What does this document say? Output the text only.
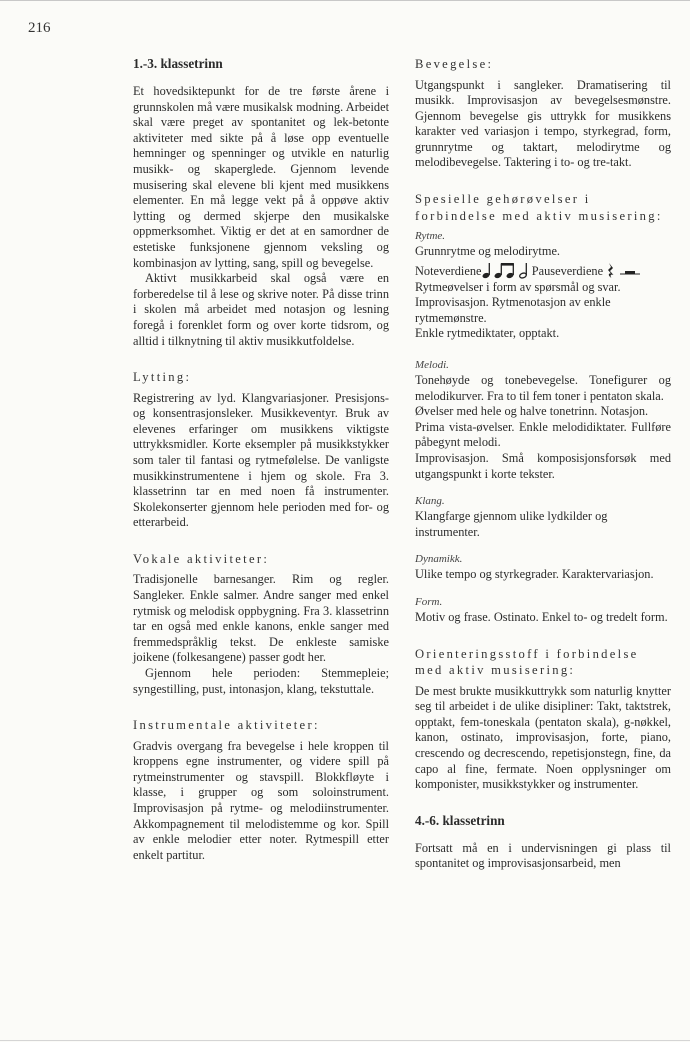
216

1.-3. klassetrinn

Et hovedsiktepunkt for de tre første årene i grunnskolen må være musikalsk modning. Arbeidet skal være preget av spontanitet og lek-betonte aktiviteter med sikte på å løse opp eventuelle hemninger og spenninger og utvikle en naturlig musikk- og skaperglede. Gjennom levende musisering skal elevene bli kjent med musikkens elementer. En må legge vekt på å oppøve aktiv lytting og dermed skjerpe den musikalske oppmerksomhet. Viktig er det at en samordner de estetiske funksjonene gjennom veksling og kombinasjon av lytting, sang, spill og bevegelse.

Aktivt musikkarbeid skal også være en forberedelse til å lese og skrive noter. På disse trinn i skolen må arbeidet med notasjon og lesning foregå i forenklet form og over korte tidsrom, og alltid i tilknytning til aktiv musikkutfoldelse.

Lytting:

Registrering av lyd. Klangvariasjoner. Presisjons- og konsentrasjonsleker. Musikkeventyr. Bruk av elevenes erfaringer om musikkens viktigste uttrykksmidler. Korte eksempler på musikkstykker som taler til fantasi og rytmefølelse. De vanligste musikkinstrumentene i hjem og skole. Fra 3. klassetrinn tar en med noen få instrumenter. Skolekonserter gjennom hele perioden med for- og etterarbeid.

Vokale aktiviteter:

Tradisjonelle barnesanger. Rim og regler. Sangleker. Enkle salmer. Andre sanger med enkel rytmisk og melodisk oppbygning. Fra 3. klassetrinn tar en også med enkle kanons, enkle sanger med fremmedspråklig tekst. De enkleste samiske joikene (folkesangene) passer godt her.

Gjennom hele perioden: Stemmepleie; syngestilling, pust, intonasjon, klang, tekstuttale.

Instrumentale aktiviteter:

Gradvis overgang fra bevegelse i hele kroppen til kroppens egne instrumenter, og videre spill på rytmeinstrumenter og stavspill. Blokkfløyte i klasse, i grupper og som soloinstrument. Improvisasjon på rytme- og melodiinstrumenter. Akkompagnement til melodistemme og kor. Spill av enkle melodier etter noter. Rytmespill etter enkelt partitur.

Bevegelse:

Utgangspunkt i sangleker. Dramatisering til musikk. Improvisasjon av bevegelsesmønstre. Gjennom bevegelse gis uttrykk for musikkens karakter ved variasjon i tempo, styrkegrad, form, grunnrytme og taktart, melodirytme og melodibevegelse. Taktering i to- og tre-takt.

Spesielle gehørøvelser i forbindelse med aktiv musisering:

Rytme.

Grunnrytme og melodirytme.

Noteverdiene	Pauseverdiene

Rytmeøvelser i form av spørsmål og svar. Improvisasjon. Rytmenotasjon av enkle rytmemønstre.

Enkle rytmediktater, opptakt.

Melodi.

Tonehøyde og tonebevegelse. Tonefigurer og melodikurver. Fra to til fem toner i pentaton skala.

Øvelser med hele og halve tonetrinn. Notasjon.

Prima vista-øvelser. Enkle melodidiktater. Fullføre påbegynt melodi.

Improvisasjon. Små komposisjonsforsøk med utgangspunkt i korte tekster.

Klang.

Klangfarge gjennom ulike lydkilder og instrumenter.

Dynamikk.

Ulike tempo og styrkegrader. Karaktervariasjon.

Form.

Motiv og frase. Ostinato. Enkel to- og tredelt form.

Orienteringsstoff i forbindelse med aktiv musisering:

De mest brukte musikkuttrykk som naturlig knytter seg til arbeidet i de ulike disipliner: Takt, taktstrek, opptakt, fem-toneskala (pentaton skala), g-nøkkel, kanon, ostinato, improvisasjon, forte, piano, crescendo og decrescendo, repetisjonstegn, fine, da capo al fine, fermate. Noen opplysninger om komponister, musikkstykker og instrumenter.

4.-6. klassetrinn

Fortsatt må en i undervisningen gi plass til spontanitet og improvisasjonsarbeid, men
